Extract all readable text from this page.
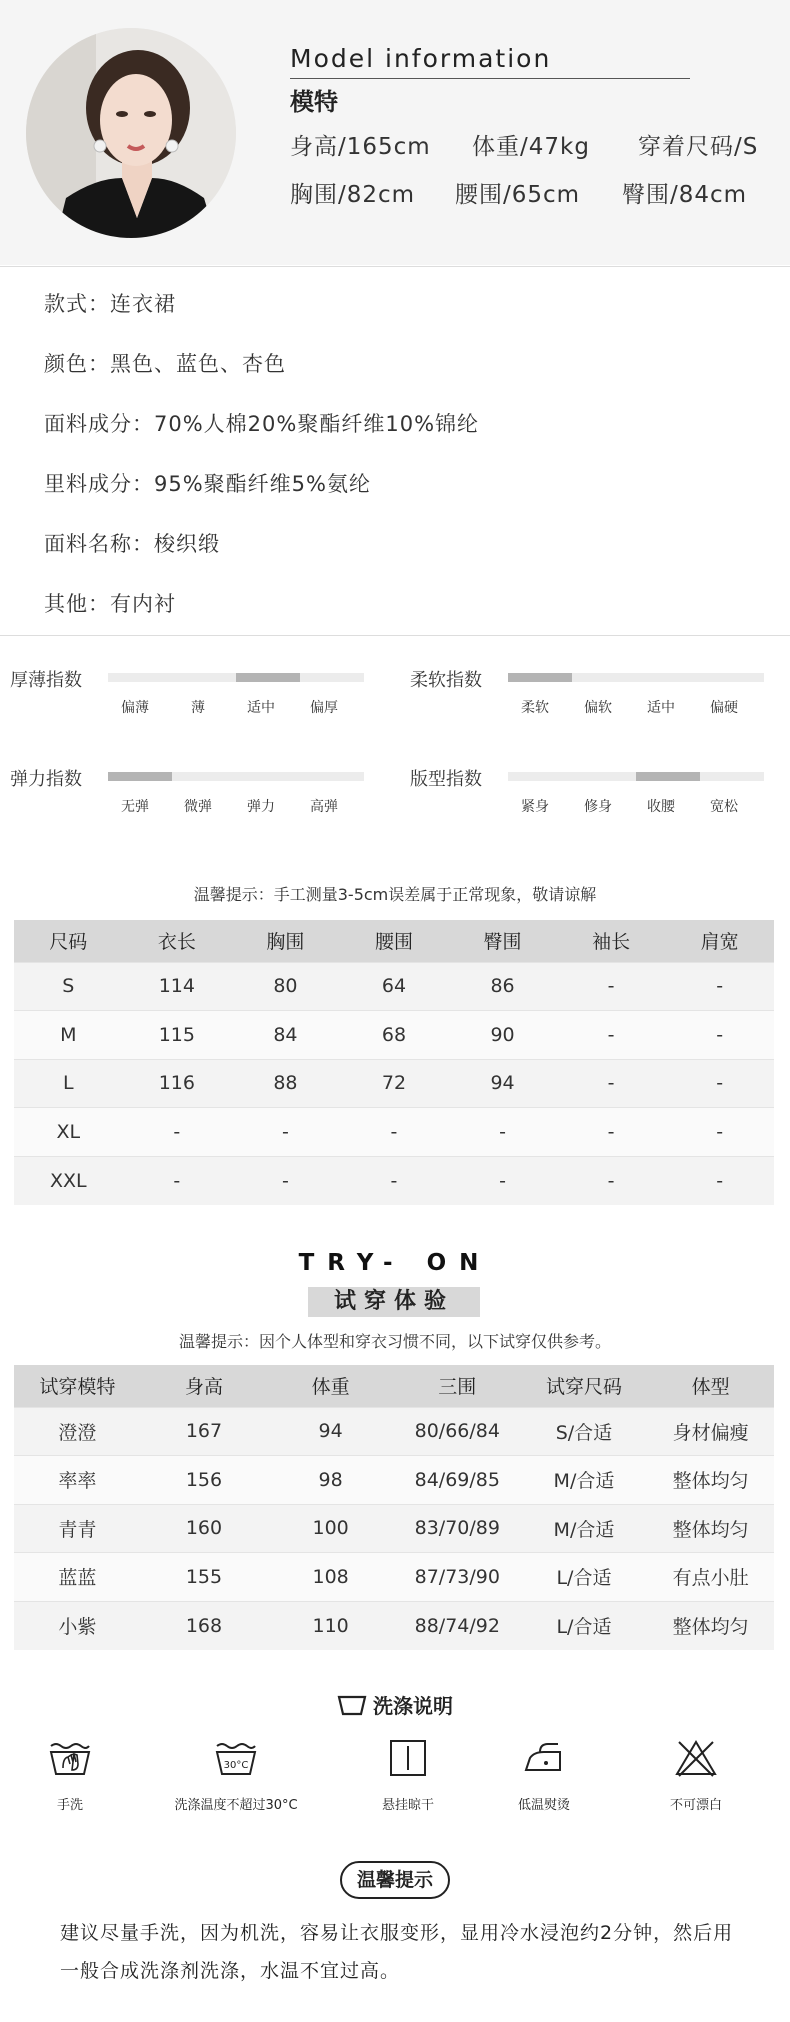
Model information
模特
身高/165cm 体重/47kg 穿着尺码/S
胸围/82cm 腰围/65cm 臀围/84cm
款式：连衣裙
颜色：黑色、蓝色、杏色
面料成分：70%人棉20%聚酯纤维10%锦纶
里料成分：95%聚酯纤维5%氨纶
面料名称：梭织缎
其他：有内衬
厚薄指数
偏薄	薄	适中	偏厚
柔软指数
柔软	偏软	适中	偏硬
弹力指数
无弹	微弹	弹力	高弹
版型指数
紧身	修身	收腰	宽松
温馨提示：手工测量3-5cm误差属于正常现象，敬请谅解
尺码	衣长	胸围	腰围	臀围	袖长	肩宽
S	114	80	64	86	-	-
M	115	84	68	90	-	-
L	116	88	72	94	-	-
XL	-	-	-	-	-	-
XXL	-	-	-	-	-	-
TRY- ON
试穿体验
温馨提示：因个人体型和穿衣习惯不同，以下试穿仅供参考。
试穿模特	身高	体重	三围	试穿尺码	体型
澄澄	167	94	80/66/84	S/合适	身材偏瘦
率率	156	98	84/69/85	M/合适	整体均匀
青青	160	100	83/70/89	M/合适	整体均匀
蓝蓝	155	108	87/73/90	L/合适	有点小肚
小紫	168	110	88/74/92	L/合适	整体均匀
洗涤说明
手洗
30°C
洗涤温度不超过30°C	悬挂晾干	低温熨烫	不可漂白
温馨提示
建议尽量手洗，因为机洗，容易让衣服变形，显用冷水浸泡约2分钟，然后用一般合成洗涤剂洗涤，水温不宜过高。
